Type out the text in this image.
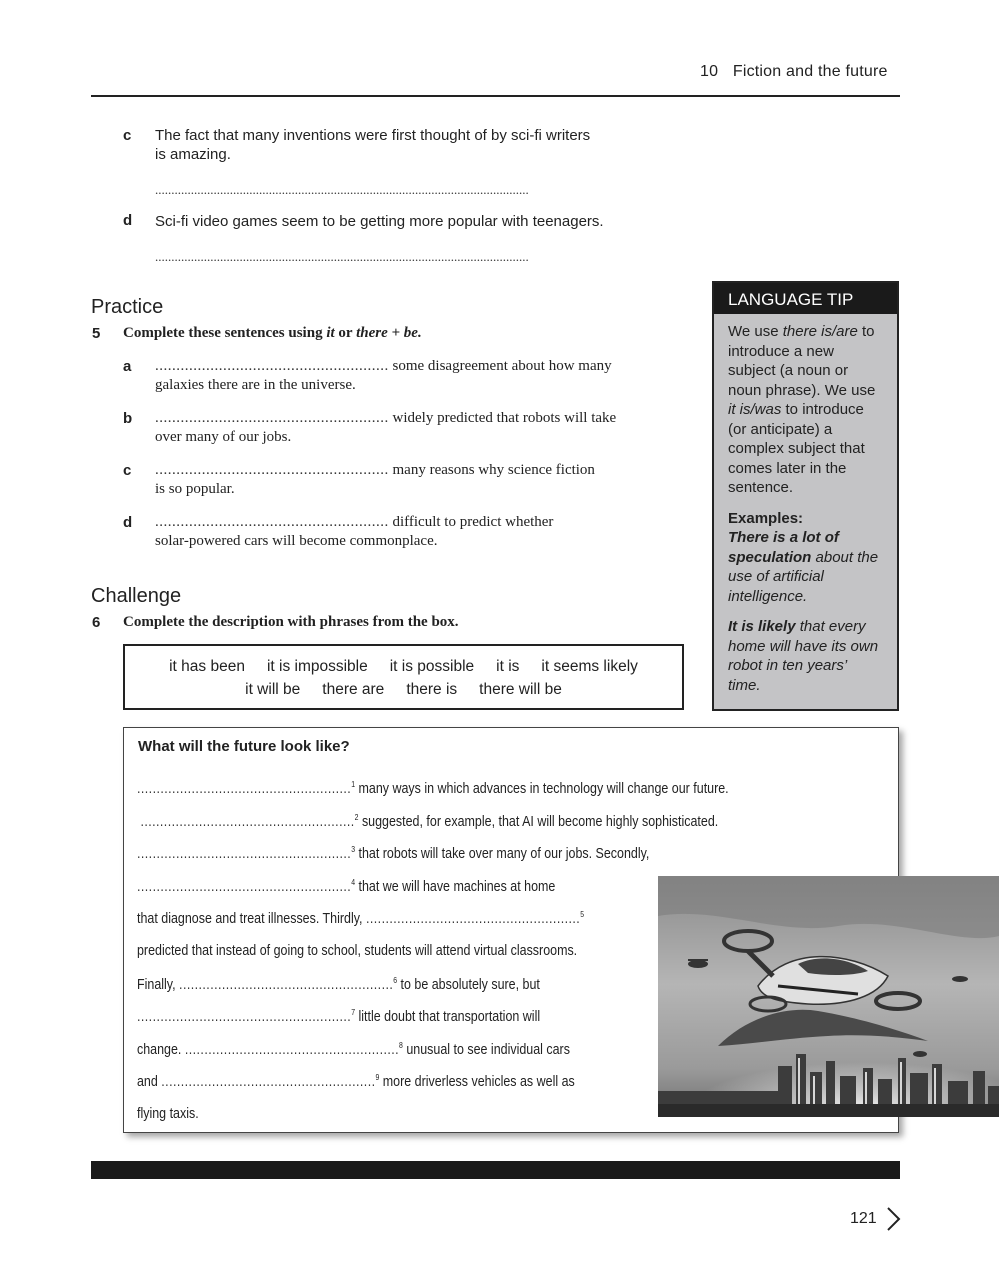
10 Fiction and the future
c The fact that many inventions were first thought of by sci-fi writers
is amazing.
...................................................................................................................
d Sci-fi video games seem to be getting more popular with teenagers.
...................................................................................................................
Practice
5 Complete these sentences using it or there + be.
a ....................................................... some disagreement about how many
galaxies there are in the universe.
b ....................................................... widely predicted that robots will take
over many of our jobs.
c ....................................................... many reasons why science fiction
is so popular.
d ....................................................... difficult to predict whether
solar-powered cars will become commonplace.
Challenge
6 Complete the description with phrases from the box.
it has been it is impossible it is possible it is it seems likely
it will be there are there is there will be
LANGUAGE TIP

We use there is/are to introduce a new subject (a noun or noun phrase). We use it is/was to introduce (or anticipate) a complex subject that comes later in the sentence.

Examples:
There is a lot of speculation about the use of artificial intelligence.

It is likely that every home will have its own robot in ten years’ time.

What will the future look like?
.......................................................$^1$ many ways in which advances in technology will change our future.
.......................................................$^2$ suggested, for example, that AI will become highly sophisticated.
.......................................................$^3$ that robots will take over many of our jobs. Secondly,
.......................................................$^4$ that we will have machines at home
that diagnose and treat illnesses. Thirdly, .......................................................$^5$
predicted that instead of going to school, students will attend virtual classrooms.
Finally, .......................................................$^6$ to be absolutely sure, but
.......................................................$^7$ little doubt that transportation will
change. .......................................................$^8$ unusual to see individual cars
and .......................................................$^9$ more driverless vehicles as well as
flying taxis.
121
